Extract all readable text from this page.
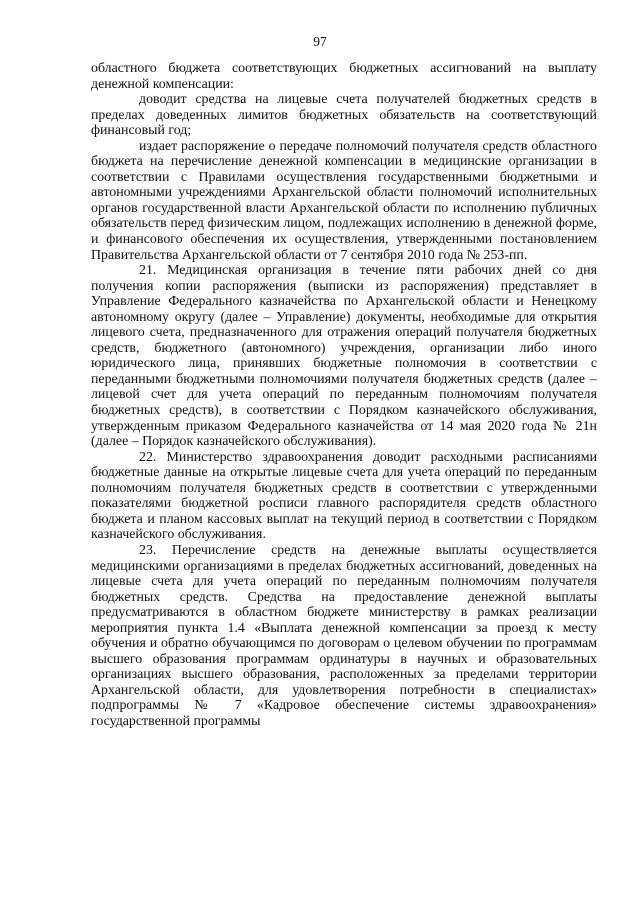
97

областного бюджета соответствующих бюджетных ассигнований на выплату денежной компенсации:

доводит средства на лицевые счета получателей бюджетных средств в пределах доведенных лимитов бюджетных обязательств на соответствующий финансовый год;

издает распоряжение о передаче полномочий получателя средств областного бюджета на перечисление денежной компенсации в медицинские организации в соответствии с Правилами осуществления государственными бюджетными и автономными учреждениями Архангельской области полномочий исполнительных органов государственной власти Архангельской области по исполнению публичных обязательств перед физическим лицом, подлежащих исполнению в денежной форме, и финансового обеспечения их осуществления, утвержденными постановлением Правительства Архангельской области от 7 сентября 2010 года № 253-пп.

21. Медицинская организация в течение пяти рабочих дней со дня получения копии распоряжения (выписки из распоряжения) представляет в Управление Федерального казначейства по Архангельской области и Ненецкому автономному округу (далее – Управление) документы, необходимые для открытия лицевого счета, предназначенного для отражения операций получателя бюджетных средств, бюджетного (автономного) учреждения, организации либо иного юридического лица, принявших бюджетные полномочия в соответствии с переданными бюджетными полномочиями получателя бюджетных средств (далее – лицевой счет для учета операций по переданным полномочиям получателя бюджетных средств), в соответствии с Порядком казначейского обслуживания, утвержденным приказом Федерального казначейства от 14 мая 2020 года № 21н (далее – Порядок казначейского обслуживания).

22. Министерство здравоохранения доводит расходными расписаниями бюджетные данные на открытые лицевые счета для учета операций по переданным полномочиям получателя бюджетных средств в соответствии с утвержденными показателями бюджетной росписи главного распорядителя средств областного бюджета и планом кассовых выплат на текущий период в соответствии с Порядком казначейского обслуживания.

23. Перечисление средств на денежные выплаты осуществляется медицинскими организациями в пределах бюджетных ассигнований, доведенных на лицевые счета для учета операций по переданным полномочиям получателя бюджетных средств. Средства на предоставление денежной выплаты предусматриваются в областном бюджете министерству в рамках реализации мероприятия пункта 1.4 «Выплата денежной компенсации за проезд к месту обучения и обратно обучающимся по договорам о целевом обучении по программам высшего образования программам ординатуры в научных и образовательных организациях высшего образования, расположенных за пределами территории Архангельской области, для удовлетворения потребности в специалистах» подпрограммы № 7 «Кадровое обеспечение системы здравоохранения» государственной программы
